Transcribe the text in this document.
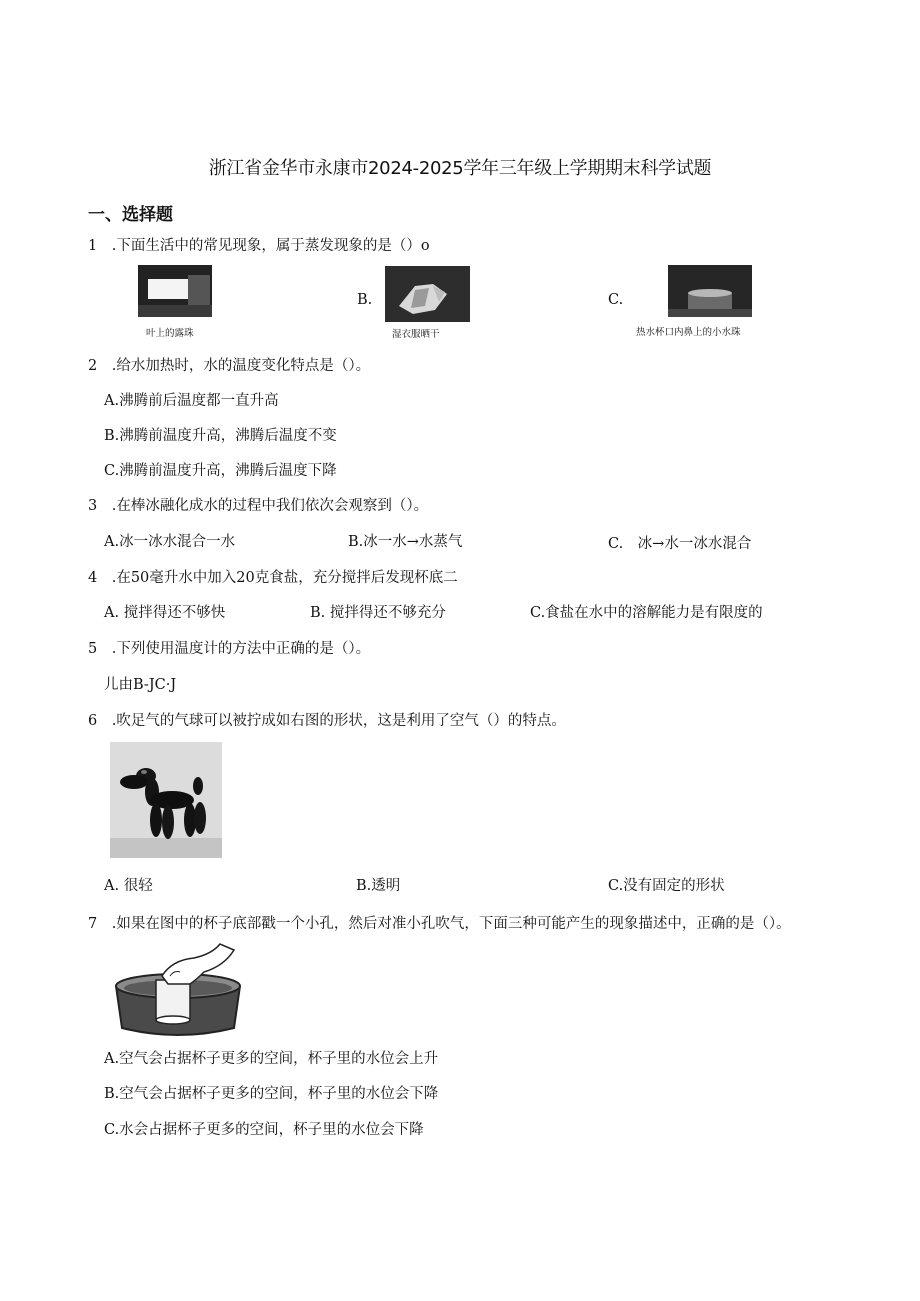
浙江省金华市永康市2024-2025学年三年级上学期期末科学试题
一、选择题
1　.下面生活中的常见现象，属于蒸发现象的是（）o
叶上的露珠
B.
湿衣服晒干
C.
热水杯口内鼻上的小水珠
2　.给水加热时，水的温度变化特点是（）。
A.沸腾前后温度都一直升高
B.沸腾前温度升高，沸腾后温度不变
C.沸腾前温度升高，沸腾后温度下降
3　.在棒冰融化成水的过程中我们依次会观察到（）。
A.冰一冰水混合一水	B.冰一水→水蒸气	C.　冰→水一冰水混合
4　.在50毫升水中加入20克食盐，充分搅拌后发现杯底二
A. 搅拌得还不够快	B. 搅拌得还不够充分	C.食盐在水中的溶解能力是有限度的
5　.下列使用温度计的方法中正确的是（）。
儿由B-JC·J
6　.吹足气的气球可以被拧成如右图的形状，这是利用了空气（）的特点。
A. 很轻	B.透明	C.没有固定的形状
7　.如果在图中的杯子底部戳一个小孔，然后对准小孔吹气，下面三种可能产生的现象描述中，正确的是（）。
A.空气会占据杯子更多的空间，杯子里的水位会上升
B.空气会占据杯子更多的空间，杯子里的水位会下降
C.水会占据杯子更多的空间，杯子里的水位会下降
